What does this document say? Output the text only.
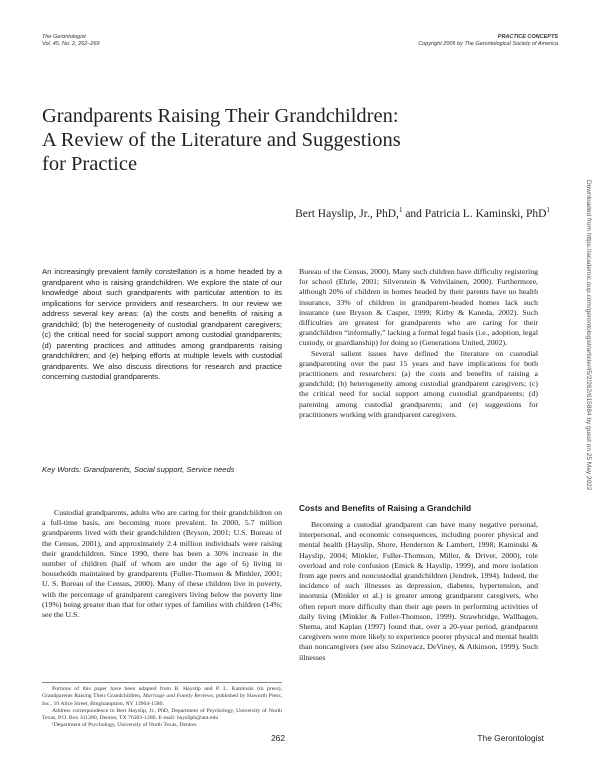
The Gerontologist
Vol. 45, No. 2, 262–269
PRACTICE CONCEPTS
Copyright 2005 by The Gerontological Society of America
Grandparents Raising Their Grandchildren:
A Review of the Literature and Suggestions
for Practice
Bert Hayslip, Jr., PhD,$^1$ and Patricia L. Kaminski, PhD$^1$
An increasingly prevalent family constellation is a home headed by a grandparent who is raising grandchildren. We explore the state of our knowledge about such grandparents with particular attention to its implications for service providers and researchers. In our review we address several key areas: (a) the costs and benefits of raising a grandchild; (b) the heterogeneity of custodial grandparent caregivers; (c) the critical need for social support among custodial grandparents; (d) parenting practices and attitudes among grandparents raising grandchildren; and (e) helping efforts at multiple levels with custodial grandparents. We also discuss directions for research and practice concerning custodial grandparents.
Key Words: Grandparents, Social support, Service needs

Custodial grandparents, adults who are caring for their grandchildren on a full-time basis, are becoming more prevalent. In 2000, 5.7 million grandparents lived with their grandchildren (Bryson, 2001; U.S. Bureau of the Census, 2001), and approximately 2.4 million individuals were raising their grandchildren. Since 1990, there has been a 30% increase in the number of children (half of whom are under the age of 6) living in households maintained by grandparents (Fuller-Thomson & Minkler, 2001; U. S. Bureau of the Census, 2000). Many of these children live in poverty, with the percentage of grandparent caregivers living below the poverty line (19%) being greater than that for other types of families with children (14%; see the U.S.

Portions of this paper have been adapted from B. Hayslip and P. L. Kaminski (in press), Grandparents Raising Their Grandchildren, Marriage and Family Reviews, published by Haworth Press, Inc., 10 Alice Street, Binghamption, NY 13904-1580.

Address correspondence to Bert Hayslip, Jr., PhD, Department of Psychology, University of North Texas, P.O. Box 311280, Denton, TX 76203-1280. E-mail: hayslipb@unt.edu

¹Department of Psychology, University of North Texas, Denton.

Bureau of the Census, 2000). Many such children have difficulty registering for school (Ehrle, 2001; Silverstein & Vehvilainen, 2000). Furthermore, although 20% of children in homes headed by their parents have no health insurance, 33% of children in grandparent-headed homes lack such insurance (see Bryson & Casper, 1999; Kirby & Kaneda, 2002). Such difficulties are greatest for grandparents who are caring for their grandchildren “informally,” lacking a formal legal basis (i.e., adoption, legal custody, or guardianship) for doing so (Generations United, 2002).

Several salient issues have defined the literature on custodial grandparenting over the past 15 years and have implications for both practitioners and researchers: (a) the costs and benefits of raising a grandchild; (b) heterogeneity among custodial grandparent caregivers; (c) the critical need for social support among custodial grandparents; (d) parenting among custodial grandparents; and (e) suggestions for practitioners working with grandparent caregivers.

Costs and Benefits of Raising a Grandchild

Becoming a custodial grandparent can have many negative personal, interpersonal, and economic consequences, including poorer physical and mental health (Hayslip, Shore, Henderson & Lambert, 1998; Kaminski & Hayslip, 2004; Minkler, Fuller-Thomson, Miller, & Driver, 2000), role overload and role confusion (Emick & Hayslip, 1999), and more isolation from age peers and noncustodial grandchildren (Jendrek, 1994). Indeed, the incidence of such illnesses as depression, diabetes, hypertension, and insomnia (Minkler et al.) is greater among grandparent caregivers, who often report more difficulty than their age peers in performing activities of daily living (Minkler & Fuller-Thomson, 1999). Strawbridge, Wallhagen, Shema, and Kaplan (1997) found that, over a 20-year period, grandparent caregivers were more likely to experience poorer physical and mental health than noncaregivers (see also Szinovacz, DeViney, & Atkinson, 1999). Such illnesses

262	The Gerontologist
Downloaded from https://academic.oup.com/gerontologist/article/45/2/262/615884 by guest on 25 May 2022
